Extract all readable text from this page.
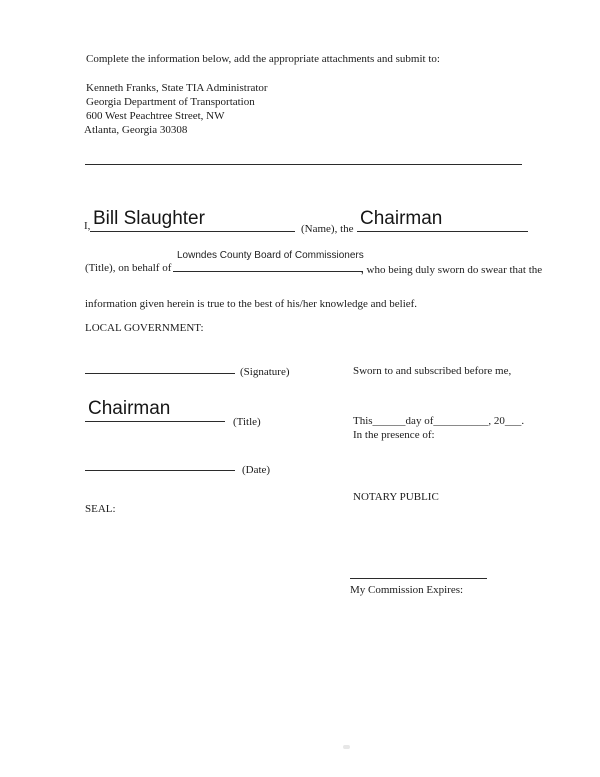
Complete the information below, add the appropriate attachments and submit to:
Kenneth Franks, State TIA Administrator
Georgia Department of Transportation
600 West Peachtree Street, NW
Atlanta, Georgia 30308
I, Bill Slaughter	(Name), the Chairman
(Title), on behalf of
Lowndes County Board of Commissioners
, who being duly sworn do swear that the
information given herein is true to the best of his/her knowledge and belief.
LOCAL GOVERNMENT:
(Signature)	Sworn to and subscribed before me,
Chairman
(Title)	This______day of__________, 20___.
In the presence of:
(Date)
NOTARY PUBLIC
SEAL:
My Commission Expires:
